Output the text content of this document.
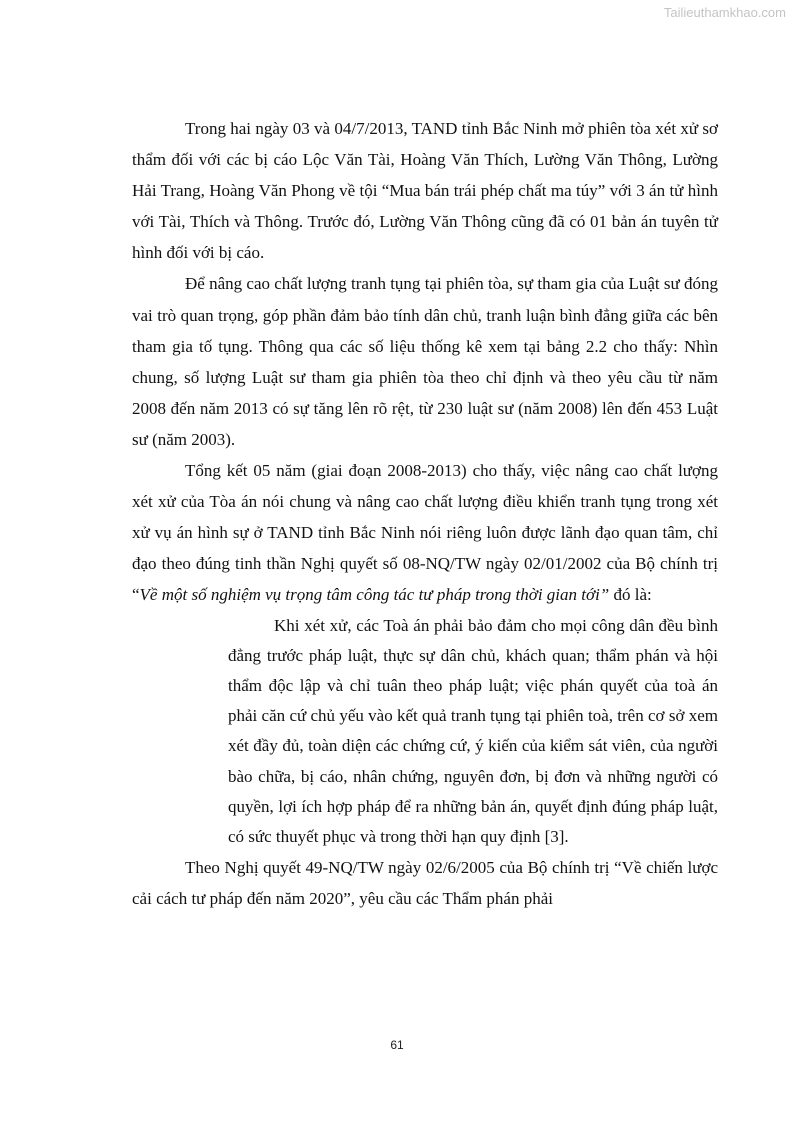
Tailieuthamkhao.com

Trong hai ngày 03 và 04/7/2013, TAND tỉnh Bắc Ninh mở phiên tòa xét xử sơ thẩm đối với các bị cáo Lộc Văn Tài, Hoàng Văn Thích, Lường Văn Thông, Lường Hải Trang, Hoàng Văn Phong về tội “Mua bán trái phép chất ma túy” với 3 án tử hình với Tài, Thích và Thông. Trước đó, Lường Văn Thông cũng đã có 01 bản án tuyên tử hình đối với bị cáo.

Để nâng cao chất lượng tranh tụng tại phiên tòa, sự tham gia của Luật sư đóng vai trò quan trọng, góp phần đảm bảo tính dân chủ, tranh luận bình đẳng giữa các bên tham gia tố tụng. Thông qua các số liệu thống kê xem tại bảng 2.2 cho thấy: Nhìn chung, số lượng Luật sư tham gia phiên tòa theo chỉ định và theo yêu cầu từ năm 2008 đến năm 2013 có sự tăng lên rõ rệt, từ 230 luật sư (năm 2008) lên đến 453 Luật sư (năm 2003).

Tổng kết 05 năm (giai đoạn 2008-2013) cho thấy, việc nâng cao chất lượng xét xử của Tòa án nói chung và nâng cao chất lượng điều khiển tranh tụng trong xét xử vụ án hình sự ở TAND tỉnh Bắc Ninh nói riêng luôn được lãnh đạo quan tâm, chỉ đạo theo đúng tinh thần Nghị quyết số 08-NQ/TW ngày 02/01/2002 của Bộ chính trị “Về một số nghiệm vụ trọng tâm công tác tư pháp trong thời gian tới” đó là:

Khi xét xử, các Toà án phải bảo đảm cho mọi công dân đều bình đẳng trước pháp luật, thực sự dân chủ, khách quan; thẩm phán và hội thẩm độc lập và chỉ tuân theo pháp luật; việc phán quyết của toà án phải căn cứ chủ yếu vào kết quả tranh tụng tại phiên toà, trên cơ sở xem xét đầy đủ, toàn diện các chứng cứ, ý kiến của kiểm sát viên, của người bào chữa, bị cáo, nhân chứng, nguyên đơn, bị đơn và những người có quyền, lợi ích hợp pháp để ra những bản án, quyết định đúng pháp luật, có sức thuyết phục và trong thời hạn quy định [3].

Theo Nghị quyết 49-NQ/TW ngày 02/6/2005 của Bộ chính trị “Về chiến lược cải cách tư pháp đến năm 2020”, yêu cầu các Thẩm phán phải

61
